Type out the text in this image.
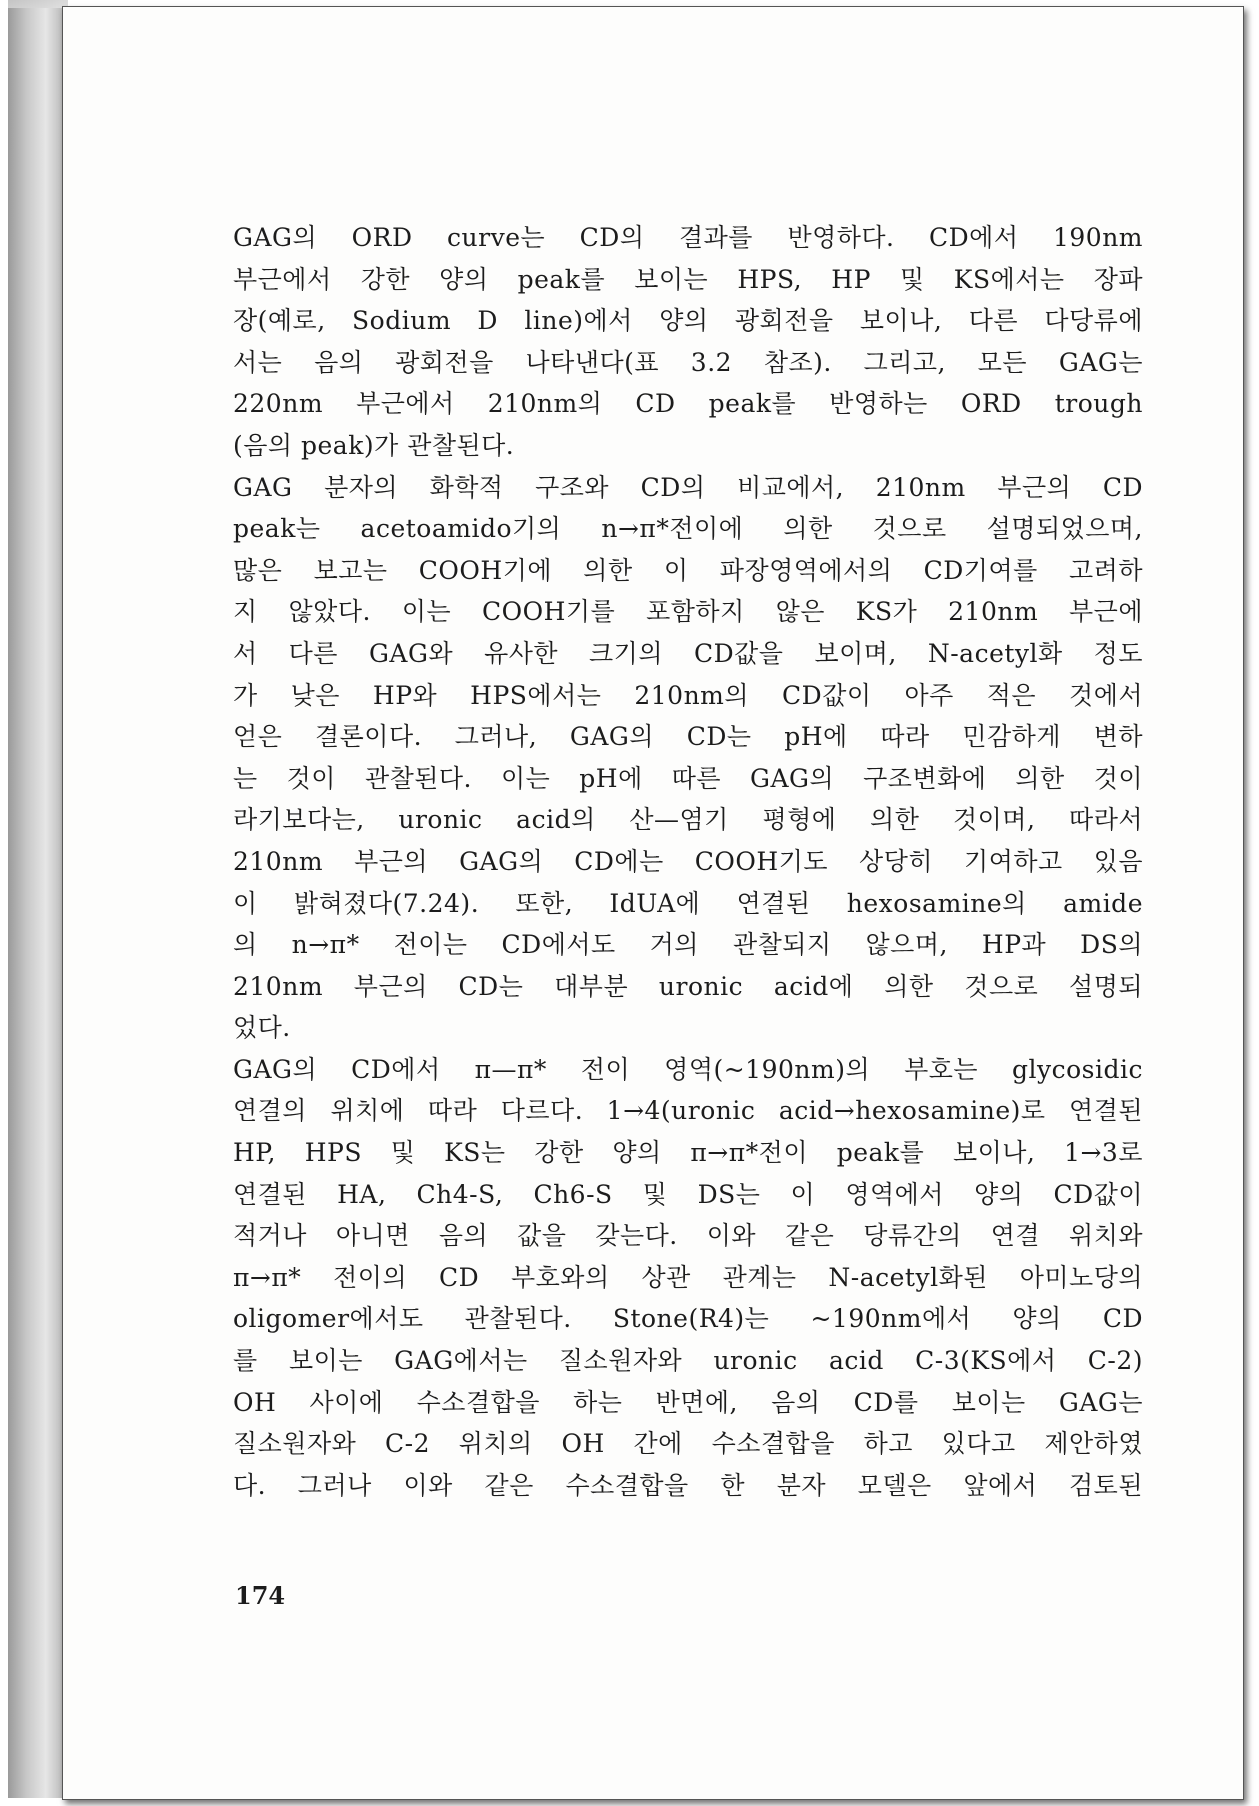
GAG의 ORD curve는 CD의 결과를 반영하다. CD에서 190nm
부근에서 강한 양의 peak를 보이는 HPS, HP 및 KS에서는 장파
장(예로, Sodium D line)에서 양의 광회전을 보이나, 다른 다당류에
서는 음의 광회전을 나타낸다(표 3.2 참조). 그리고, 모든 GAG는
220nm 부근에서 210nm의 CD peak를 반영하는 ORD trough
(음의 peak)가 관찰된다.
GAG 분자의 화학적 구조와 CD의 비교에서, 210nm 부근의 CD
peak는 acetoamido기의 n→π*전이에 의한 것으로 설명되었으며,
많은 보고는 COOH기에 의한 이 파장영역에서의 CD기여를 고려하
지 않았다. 이는 COOH기를 포함하지 않은 KS가 210nm 부근에
서 다른 GAG와 유사한 크기의 CD값을 보이며, N-acetyl화 정도
가 낮은 HP와 HPS에서는 210nm의 CD값이 아주 적은 것에서
얻은 결론이다. 그러나, GAG의 CD는 pH에 따라 민감하게 변하
는 것이 관찰된다. 이는 pH에 따른 GAG의 구조변화에 의한 것이
라기보다는, uronic acid의 산—염기 평형에 의한 것이며, 따라서
210nm 부근의 GAG의 CD에는 COOH기도 상당히 기여하고 있음
이 밝혀졌다(7.24). 또한, IdUA에 연결된 hexosamine의 amide
의 n→π* 전이는 CD에서도 거의 관찰되지 않으며, HP과 DS의
210nm 부근의 CD는 대부분 uronic acid에 의한 것으로 설명되
었다.
GAG의 CD에서 π—π* 전이 영역(~190nm)의 부호는 glycosidic
연결의 위치에 따라 다르다. 1→4(uronic acid→hexosamine)로 연결된
HP, HPS 및 KS는 강한 양의 π→π*전이 peak를 보이나, 1→3로
연결된 HA, Ch4-S, Ch6-S 및 DS는 이 영역에서 양의 CD값이
적거나 아니면 음의 값을 갖는다. 이와 같은 당류간의 연결 위치와
π→π* 전이의 CD 부호와의 상관 관계는 N-acetyl화된 아미노당의
oligomer에서도 관찰된다. Stone(R4)는 ~190nm에서 양의 CD
를 보이는 GAG에서는 질소원자와 uronic acid C-3(KS에서 C-2)
OH 사이에 수소결합을 하는 반면에, 음의 CD를 보이는 GAG는
질소원자와 C-2 위치의 OH 간에 수소결합을 하고 있다고 제안하였
다. 그러나 이와 같은 수소결합을 한 분자 모델은 앞에서 검토된
174
